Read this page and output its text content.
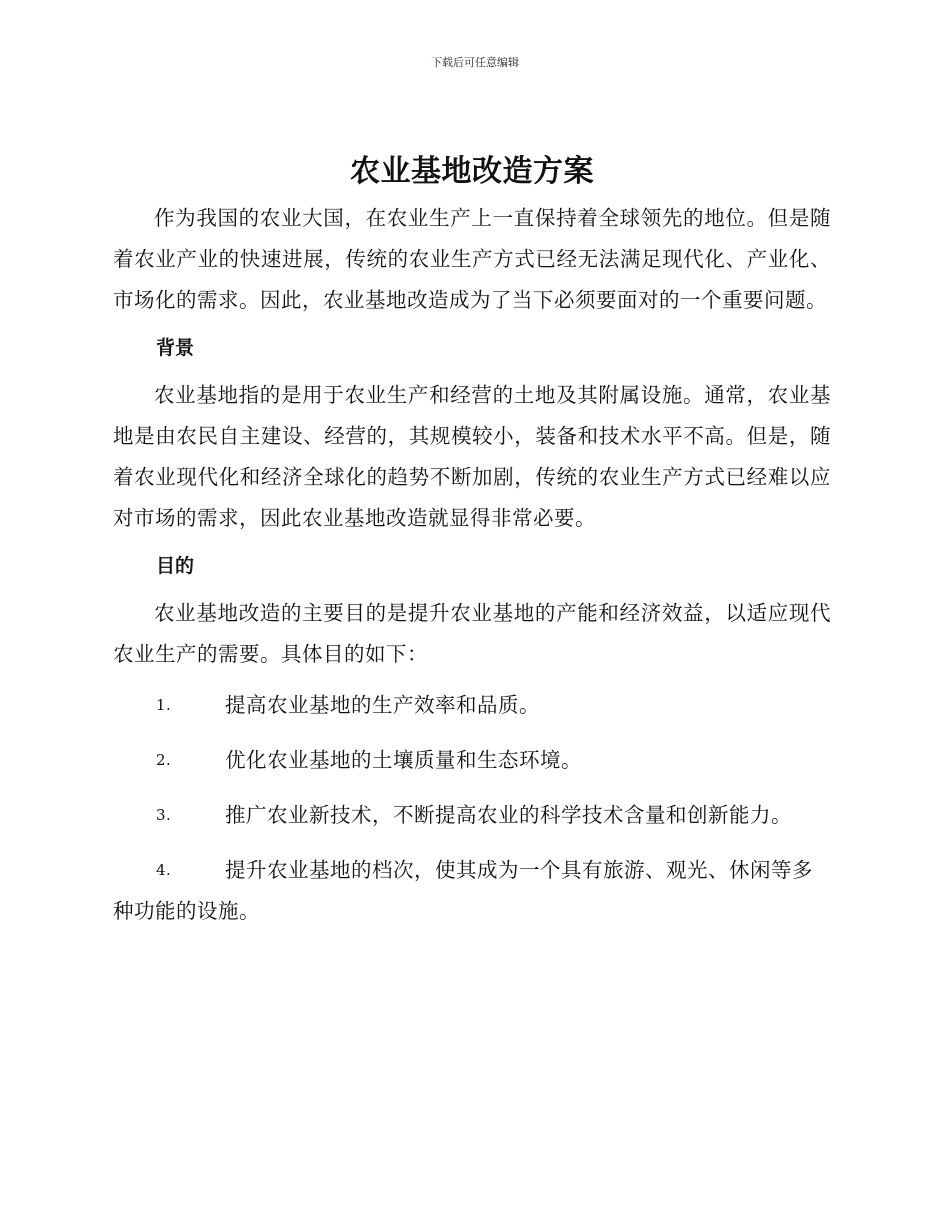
下载后可任意编辑
农业基地改造方案

作为我国的农业大国，在农业生产上一直保持着全球领先的地位。但是随着农业产业的快速进展，传统的农业生产方式已经无法满足现代化、产业化、市场化的需求。因此，农业基地改造成为了当下必须要面对的一个重要问题。

背景

农业基地指的是用于农业生产和经营的土地及其附属设施。通常，农业基地是由农民自主建设、经营的，其规模较小，装备和技术水平不高。但是，随着农业现代化和经济全球化的趋势不断加剧，传统的农业生产方式已经难以应对市场的需求，因此农业基地改造就显得非常必要。

目的

农业基地改造的主要目的是提升农业基地的产能和经济效益，以适应现代农业生产的需要。具体目的如下：

1.	提高农业基地的生产效率和品质。
2.	优化农业基地的土壤质量和生态环境。
3.	推广农业新技术，不断提高农业的科学技术含量和创新能力。
4.	提升农业基地的档次，使其成为一个具有旅游、观光、休闲等多种功能的设施。
